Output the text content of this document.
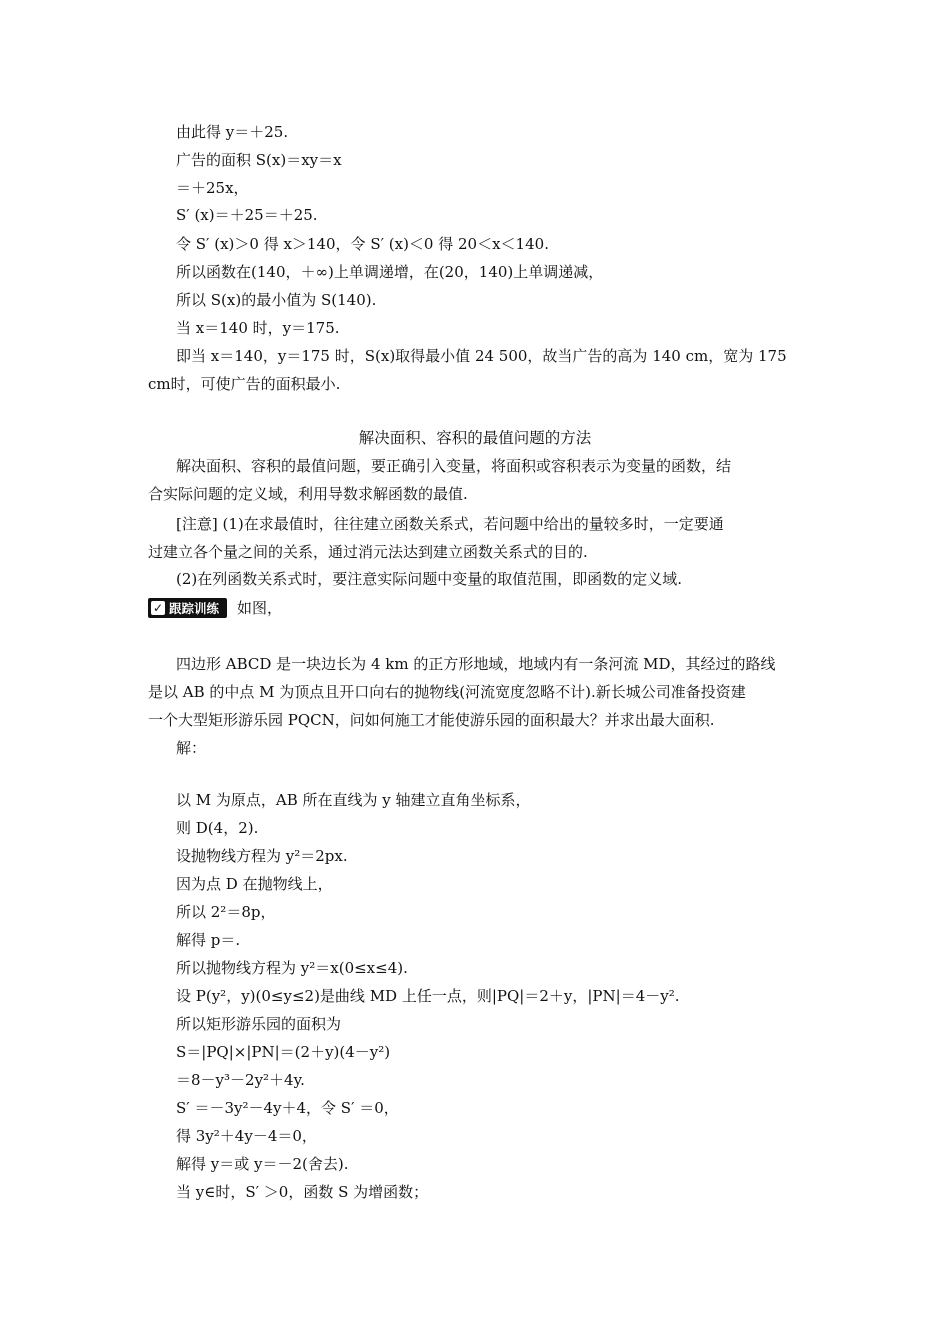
由此得 y＝＋25.
广告的面积 S(x)＝xy＝x
＝＋25x，
S′ (x)＝＋25＝＋25.
令 S′ (x)＞0 得 x＞140，令 S′ (x)＜0 得 20＜x＜140.
所以函数在(140，＋∞)上单调递增，在(20，140)上单调递减，
所以 S(x)的最小值为 S(140).
当 x＝140 时，y＝175.
即当 x＝140，y＝175 时，S(x)取得最小值 24 500，故当广告的高为 140 cm，宽为 175
cm时，可使广告的面积最小.
解决面积、容积的最值问题的方法
解决面积、容积的最值问题，要正确引入变量，将面积或容积表示为变量的函数，结
合实际问题的定义域，利用导数求解函数的最值.
[注意] (1)在求最值时，往往建立函数关系式，若问题中给出的量较多时，一定要通
过建立各个量之间的关系，通过消元法达到建立函数关系式的目的.
(2)在列函数关系式时，要注意实际问题中变量的取值范围，即函数的定义域.
✓ 跟踪训练 如图，
四边形 ABCD 是一块边长为 4 km 的正方形地域，地域内有一条河流 MD，其经过的路线
是以 AB 的中点 M 为顶点且开口向右的抛物线(河流宽度忽略不计).新长城公司准备投资建
一个大型矩形游乐园 PQCN，问如何施工才能使游乐园的面积最大？并求出最大面积.
解：
以 M 为原点，AB 所在直线为 y 轴建立直角坐标系，
则 D(4，2).
设抛物线方程为 y²＝2px.
因为点 D 在抛物线上，
所以 2²＝8p，
解得 p＝.
所以抛物线方程为 y²＝x(0≤x≤4).
设 P(y²，y)(0≤y≤2)是曲线 MD 上任一点，则|PQ|＝2＋y，|PN|＝4－y².
所以矩形游乐园的面积为
S＝|PQ|×|PN|＝(2＋y)(4－y²)
＝8－y³－2y²＋4y.
S′ ＝－3y²－4y＋4，令 S′ ＝0，
得 3y²＋4y－4＝0，
解得 y＝或 y＝－2(舍去).
当 y∈时，S′ ＞0，函数 S 为增函数；
